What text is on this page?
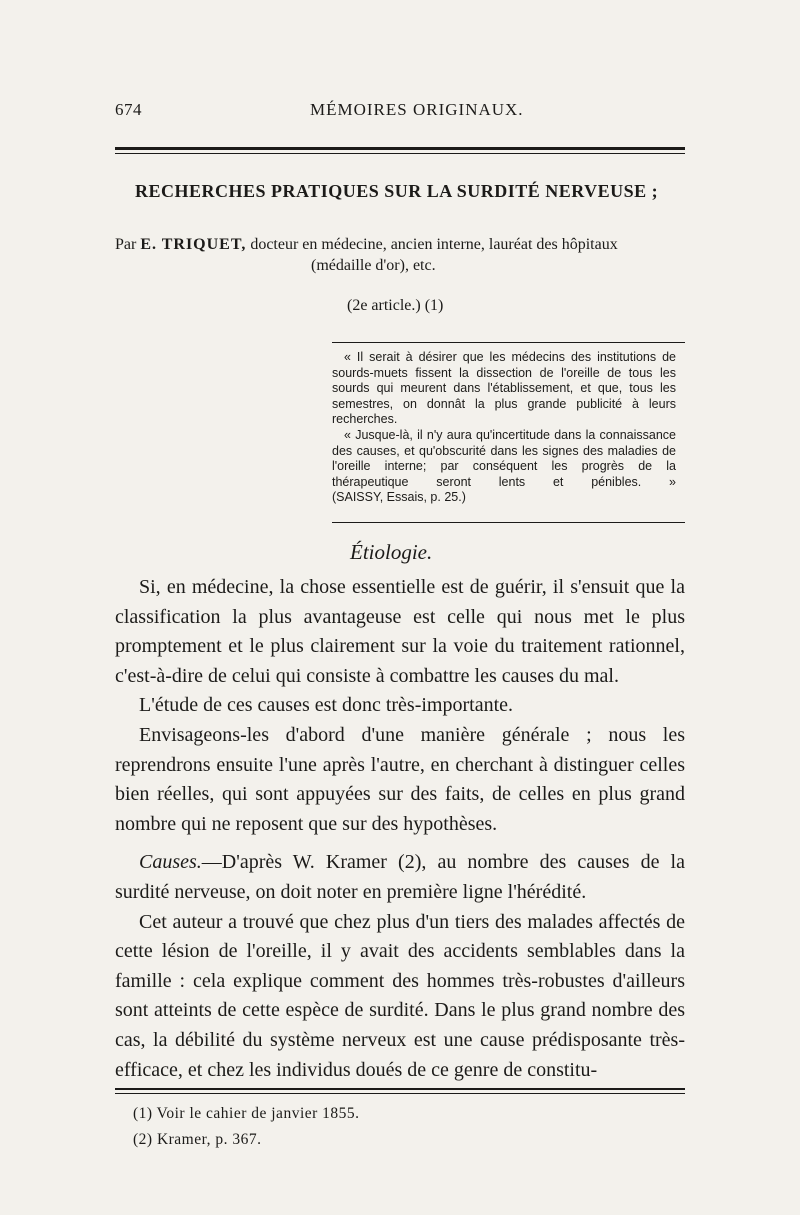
674	MÉMOIRES ORIGINAUX.
RECHERCHES PRATIQUES SUR LA SURDITÉ NERVEUSE ;
Par E. TRIQUET, docteur en médecine, ancien interne, lauréat des hôpitaux
(médaille d'or), etc.
(2e article.) (1)

« Il serait à désirer que les médecins des institutions de sourds-muets fissent la dissection de l'oreille de tous les sourds qui meurent dans l'établissement, et que, tous les semestres, on donnât la plus grande publicité à leurs recherches.

« Jusque-là, il n'y aura qu'incertitude dans la connaissance des causes, et qu'obscurité dans les signes des maladies de l'oreille interne; par conséquent les progrès de la thérapeutique seront lents et pénibles. » (SAISSY, Essais, p. 25.)

Étiologie.

Si, en médecine, la chose essentielle est de guérir, il s'ensuit que la classification la plus avantageuse est celle qui nous met le plus promptement et le plus clairement sur la voie du traitement rationnel, c'est-à-dire de celui qui consiste à combattre les causes du mal.

L'étude de ces causes est donc très-importante.

Envisageons-les d'abord d'une manière générale ; nous les reprendrons ensuite l'une après l'autre, en cherchant à distinguer celles bien réelles, qui sont appuyées sur des faits, de celles en plus grand nombre qui ne reposent que sur des hypothèses.

Causes.—D'après W. Kramer (2), au nombre des causes de la surdité nerveuse, on doit noter en première ligne l'hérédité.

Cet auteur a trouvé que chez plus d'un tiers des malades affectés de cette lésion de l'oreille, il y avait des accidents semblables dans la famille : cela explique comment des hommes très-robustes d'ailleurs sont atteints de cette espèce de surdité. Dans le plus grand nombre des cas, la débilité du système nerveux est une cause prédisposante très-efficace, et chez les individus doués de ce genre de constitu-

(1) Voir le cahier de janvier 1855.
(2) Kramer, p. 367.
